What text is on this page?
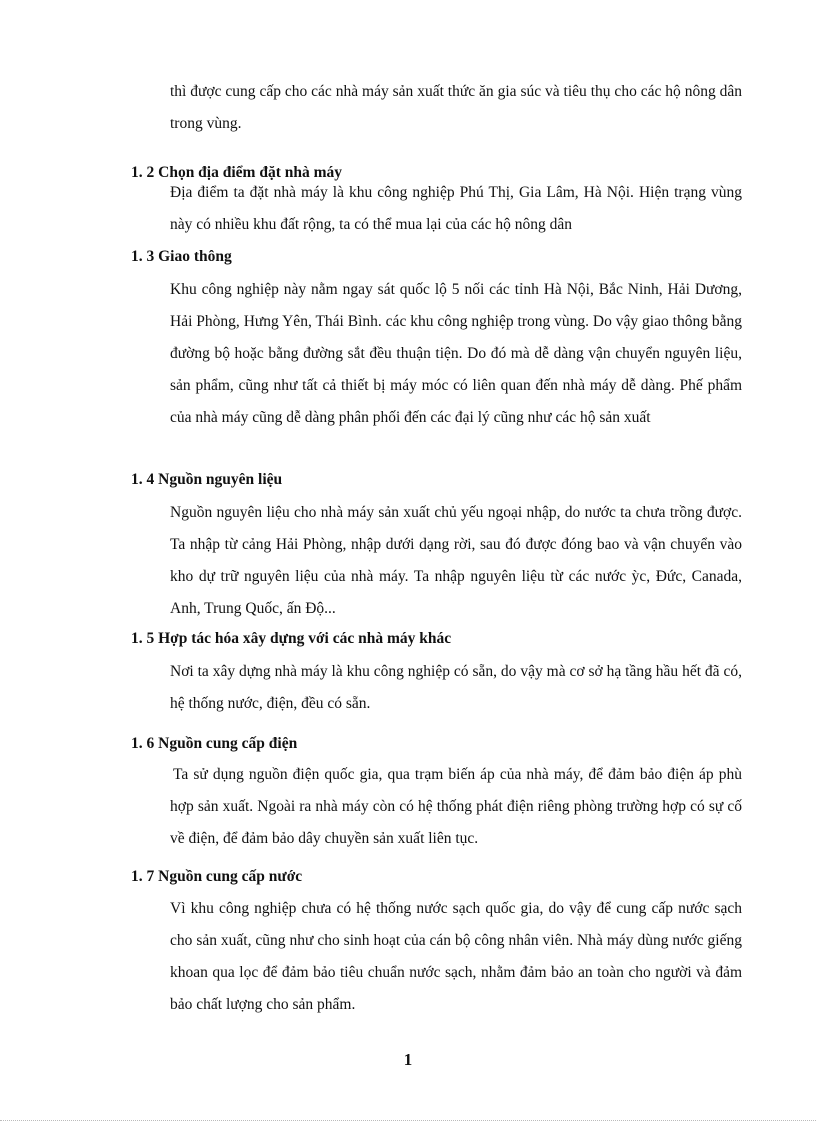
thì được cung cấp cho các nhà máy sản xuất thức ăn gia súc và tiêu thụ cho các hộ nông dân trong vùng.

1. 2 Chọn địa điểm đặt nhà máy

Địa điểm ta đặt nhà máy là khu công nghiệp Phú Thị, Gia Lâm, Hà Nội. Hiện trạng vùng này có nhiều khu đất rộng, ta có thể mua lại của các hộ nông dân

1. 3 Giao thông

Khu công nghiệp này nằm ngay sát quốc lộ 5 nối các tỉnh Hà Nội, Bắc Ninh, Hải Dương, Hải Phòng, Hưng Yên, Thái Bình. các khu công nghiệp trong vùng. Do vậy giao thông bằng đường bộ hoặc bằng đường sắt đều thuận tiện. Do đó mà dễ dàng vận chuyển nguyên liệu, sản phẩm, cũng như tất cả thiết bị máy móc có liên quan đến nhà máy dễ dàng. Phế phẩm của nhà máy cũng dễ dàng phân phối đến các đại lý cũng như các hộ sản xuất

1. 4 Nguồn nguyên liệu

Nguồn nguyên liệu cho nhà máy sản xuất chủ yếu ngoại nhập, do nước ta chưa trồng được. Ta nhập từ cảng Hải Phòng, nhập dưới dạng rời, sau đó được đóng bao và vận chuyển vào kho dự trữ nguyên liệu của nhà máy. Ta nhập nguyên liệu từ các nước ỳc, Đức, Canada, Anh, Trung Quốc, ấn Độ...

1. 5 Hợp tác hóa xây dựng với các nhà máy khác

Nơi ta xây dựng nhà máy là khu công nghiệp có sẵn, do vậy mà cơ sở hạ tầng hầu hết đã có, hệ thống nước, điện, đều có sẵn.

1. 6 Nguồn cung cấp điện

Ta sử dụng nguồn điện quốc gia, qua trạm biến áp của nhà máy, để đảm bảo điện áp phù hợp sản xuất. Ngoài ra nhà máy còn có hệ thống phát điện riêng phòng trường hợp có sự cố về điện, để đảm bảo dây chuyền sản xuất liên tục.

1. 7 Nguồn cung cấp nước

Vì khu công nghiệp chưa có hệ thống nước sạch quốc gia, do vậy để cung cấp nước sạch cho sản xuất, cũng như cho sinh hoạt của cán bộ công nhân viên. Nhà máy dùng nước giếng khoan qua lọc để đảm bảo tiêu chuẩn nước sạch, nhằm đảm bảo an toàn cho người và đảm bảo chất lượng cho sản phẩm.

1
